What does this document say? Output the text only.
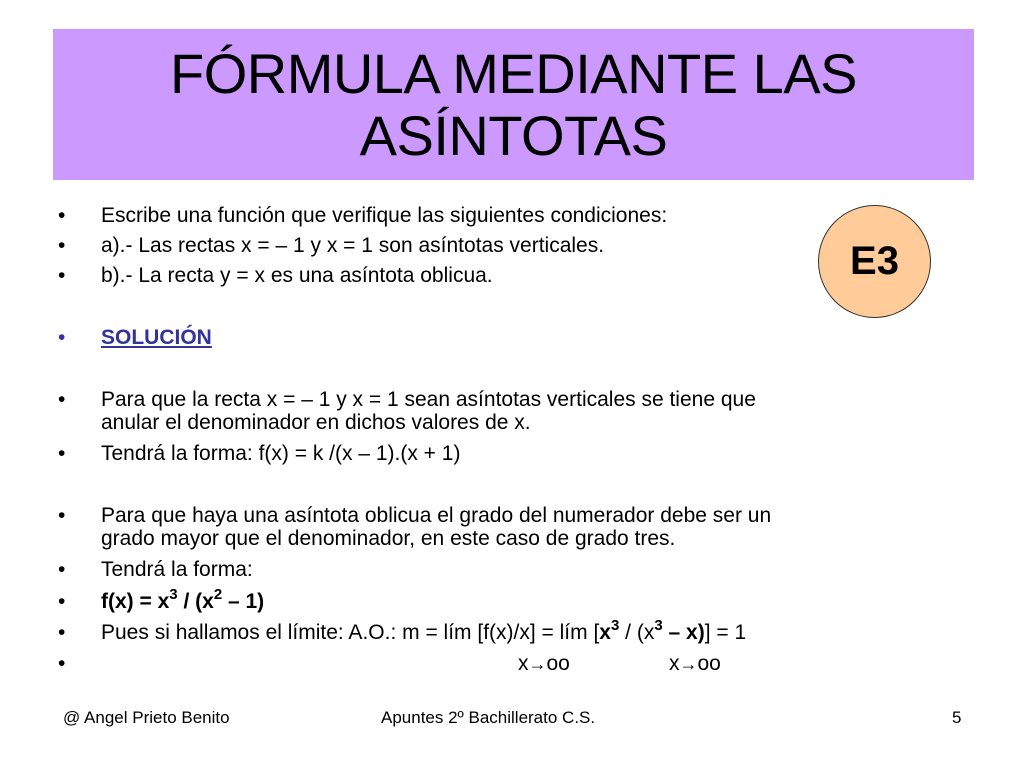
FÓRMULA MEDIANTE LAS
ASÍNTOTAS
E3
•
•
•
•
•
•
•
•
•
•
•
Escribe una función que verifique las siguientes condiciones:
a).- Las rectas x = – 1 y x = 1 son asíntotas verticales.
b).- La recta y = x es una asíntota oblicua.
SOLUCIÓN
Para que la recta x = – 1 y x = 1 sean asíntotas verticales se tiene que
anular el denominador en dichos valores de x.
Tendrá la forma: f(x) = k /(x – 1).(x + 1)
Para que haya una asíntota oblicua el grado del numerador debe ser un
grado mayor que el denominador, en este caso de grado tres.
Tendrá la forma:
$f(x) = x^3 / (x^2 - 1)$
Pues si hallamos el límite: A.O.: m = lím [f(x)/x] = lím $[x^3 / (x^3 - x)] = 1$
x→oo	x→oo
@ Angel Prieto Benito	Apuntes 2º Bachillerato C.S.	5
